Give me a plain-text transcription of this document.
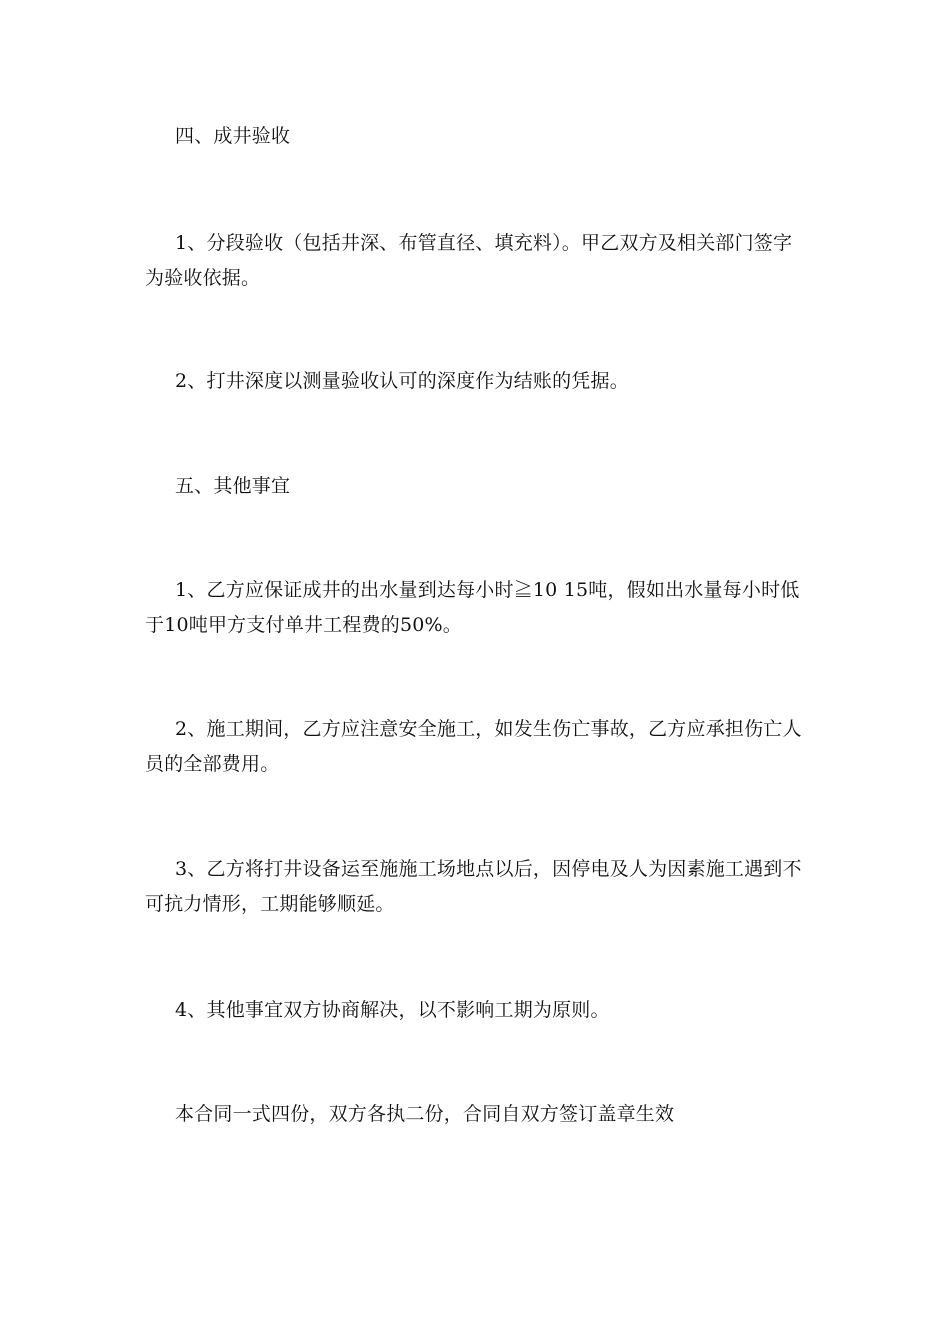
四、成井验收

1、分段验收（包括井深、布管直径、填充料）。甲乙双方及相关部门签字为验收依据。

2、打井深度以测量验收认可的深度作为结账的凭据。

五、其他事宜

1、乙方应保证成井的出水量到达每小时≧10 15吨，假如出水量每小时低于10吨甲方支付单井工程费的50%。

2、施工期间，乙方应注意安全施工，如发生伤亡事故，乙方应承担伤亡人员的全部费用。

3、乙方将打井设备运至施施工场地点以后，因停电及人为因素施工遇到不可抗力情形，工期能够顺延。

4、其他事宜双方协商解决，以不影响工期为原则。

本合同一式四份，双方各执二份，合同自双方签订盖章生效
